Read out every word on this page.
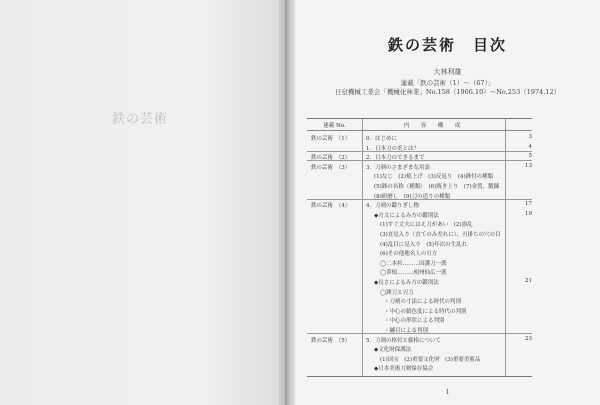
鉄の芸術
鉄の芸術　目次
大林利雄
連載「鉄の芸術（1）～（67）」
日窒機械工業会「機械化林業」No.158（1966.10）～No.253（1974.12）
連載 No.	内　容　構　成
鉄の芸術　（1）	0．はじめに	3
1．日本刀の美とは？	4
鉄の芸術　（2）	2．日本刀のできるまで	5
鉄の芸術　（3）	3．刀剣のさまざまな用語	13
(1)なじ　(2)焼上げ　(3)反返り　(4)鋒付の種類
(5)鋒の名称（種類）　(6)焼き上り　(7)金質、鍛錬
(8)研磨し　(9)刀の造りの種類
鉄の芸術　（4）	4．刀剣の鑑りぎし物	17
◆刃文によるみ方の鑑別法	19
(1)すぐ丈夫にはえ刀があい　(2)凛乱
(3)直見入り（直てのみ差れに）、刃掛ちの穴の目
(4)乱目に見入り　(5)年次の生乱れ
(6)その他地名人の刃方
◯二本杉………国護刀一派
◯葦根………相州仙広一派
◆長さによるみ方の鑑別法	21
◯鋒刀と刃刀
・刀剣の寸法による時代の判別
・中心の錆色度による時代の判別
・中心の形状による判別
・鑢目による判別
鉄の芸術　（5）	5．刀剣の格付と価格について	23
◆文化財保護法
(1)国宝　(2)重要文化財　(3)重要美術品
◆日本美術刀剣保存協会
1
